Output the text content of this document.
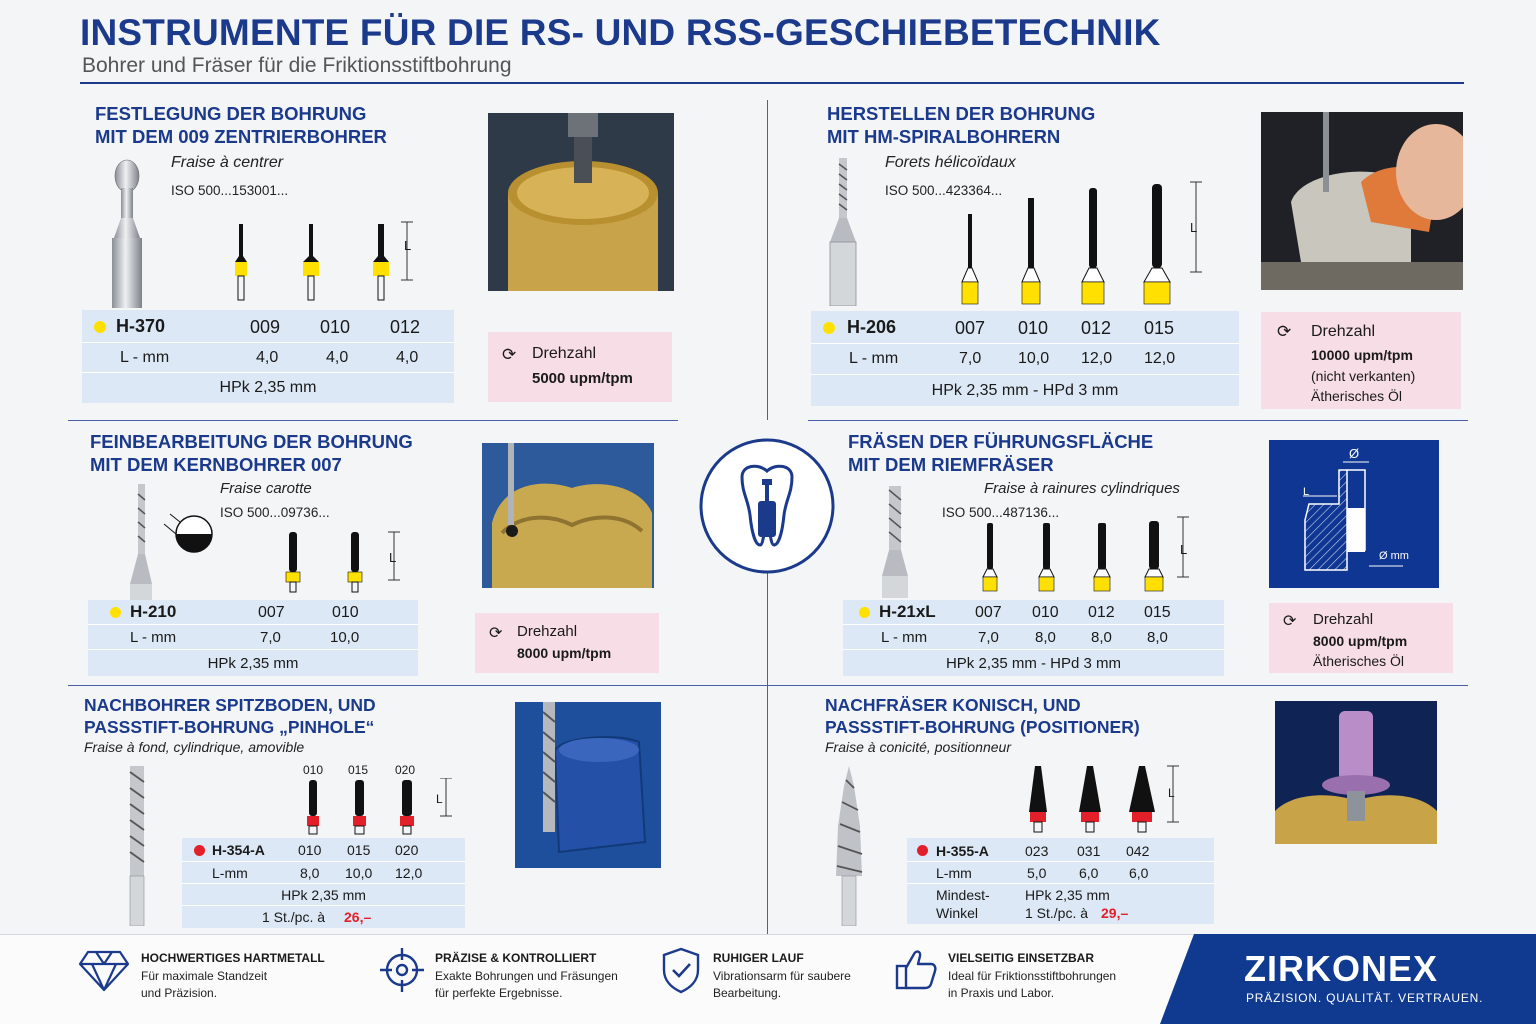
INSTRUMENTE FÜR DIE RS- UND RSS-GESCHIEBETECHNIK
Bohrer und Fräser für die Friktionsstiftbohrung
FESTLEGUNG DER BOHRUNG
MIT DEM 009 ZENTRIERBOHRER
Fraise à centrer
ISO 500...153001...
L
H-370	009 010 012
L - mm	4,0	4,0	4,0
HPk 2,35 mm
⟳ Drehzahl
5000 upm/tpm
HERSTELLEN DER BOHRUNG
MIT HM-SPIRALBOHRERN
Forets hélicoïdaux
ISO 500...423364...
L
H-206	007 010 012 015
L - mm	7,0 10,0 12,0 12,0
HPk 2,35 mm - HPd 3 mm
⟳ Drehzahl
10000 upm/tpm
(nicht verkanten)
Ätherisches Öl
FEINBEARBEITUNG DER BOHRUNG
MIT DEM KERNBOHRER 007
Fraise carotte
ISO 500...09736...
L
H-210	007	010
L - mm	7,0	10,0
HPk 2,35 mm
⟳ Drehzahl
8000 upm/tpm
FRÄSEN DER FÜHRUNGSFLÄCHE
MIT DEM RIEMFRÄSER
Fraise à rainures cylindriques
ISO 500...487136...
L
H-21xL 007 010 012 015
L - mm	7,0 8,0 8,0 8,0
HPk 2,35 mm - HPd 3 mm
Ø
L
Ø mm
⟳ Drehzahl
8000 upm/tpm
Ätherisches Öl
NACHBOHRER SPITZBODEN, UND
PASSSTIFT-BOHRUNG „PINHOLE“
Fraise à fond, cylindrique, amovible
010 015 020
L
H-354-A 010 015 020
L-mm	8,0 10,0 12,0
HPk 2,35 mm
1 St./pc. à 26,–
NACHFRÄSER KONISCH, UND
PASSSTIFT-BOHRUNG (POSITIONER)
Fraise à conicité, positionneur
L
H-355-A	023 031 042
L-mm	5,0 6,0 6,0
Mindest-
Winkel
HPk 2,35 mm
1 St./pc. à 29,–
HOCHWERTIGES HARTMETALL
Für maximale Standzeit
und Präzision.
PRÄZISE & KONTROLLIERT
Exakte Bohrungen und Fräsungen
für perfekte Ergebnisse.
RUHIGER LAUF
Vibrationsarm für saubere
Bearbeitung.
VIELSEITIG EINSETZBAR
Ideal für Friktionsstiftbohrungen
in Praxis und Labor.
ZIRKONEX
PRÄZISION. QUALITÄT. VERTRAUEN.
